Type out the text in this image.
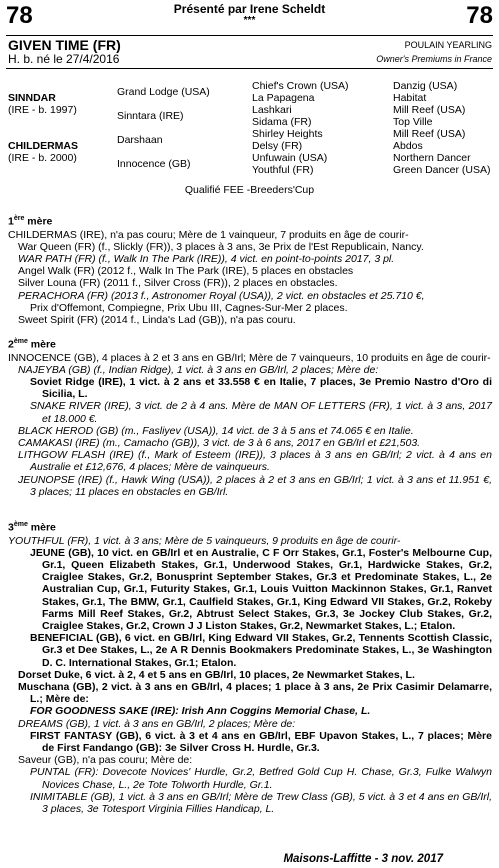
78	Présenté par Irene Scheldt
***	78
GIVEN TIME (FR)
H. b. né le 27/4/2016
POULAIN YEARLING
Owner's Premiums in France
SINNDAR
(IRE - b. 1997)
CHILDERMAS
(IRE - b. 2000)
Grand Lodge (USA)
Sinntara (IRE)
Darshaan
Innocence (GB)
Chief's Crown (USA)
La Papagena
Lashkari
Sidama (FR)
Shirley Heights
Delsy (FR)
Unfuwain (USA)
Youthful (FR)
Danzig (USA)
Habitat
Mill Reef (USA)
Top Ville
Mill Reef (USA)
Abdos
Northern Dancer
Green Dancer (USA)
Qualifié FEE -Breeders'Cup
1ère mère

CHILDERMAS (IRE), n'a pas couru; Mère de 1 vainqueur, 7 produits en âge de courir-

War Queen (FR) (f., Slickly (FR)), 3 places à 3 ans, 3e Prix de l'Est Republicain, Nancy.

WAR PATH (FR) (f., Walk In The Park (IRE)), 4 vict. en point-to-points 2017, 3 pl.

Angel Walk (FR) (2012 f., Walk In The Park (IRE), 5 places en obstacles

Silver Louna (FR) (2011 f., Silver Cross (FR)), 2 places en obstacles.

PERACHORA (FR) (2013 f., Astronomer Royal (USA)), 2 vict. en obstacles et 25.710 €,

Prix d'Offemont, Compiegne, Prix Ubu III, Cagnes-Sur-Mer 2 places.

Sweet Spirit (FR) (2014 f., Linda's Lad (GB)), n'a pas couru.

2ème mère

INNOCENCE (GB), 4 places à 2 et 3 ans en GB/Irl; Mère de 7 vainqueurs, 10 produits en âge de courir-

NAJEYBA (GB) (f., Indian Ridge), 1 vict. à 3 ans en GB/Irl, 2 places; Mère de:

Soviet Ridge (IRE), 1 vict. à 2 ans et 33.558 € en Italie, 7 places, 3e Premio Nastro d'Oro di Sicilia, L.

SNAKE RIVER (IRE), 3 vict. de 2 à 4 ans. Mère de MAN OF LETTERS (FR), 1 vict. à 3 ans, 2017 et 18.000 €.

BLACK HEROD (GB) (m., Fasliyev (USA)), 14 vict. de 3 à 5 ans et 74.065 € en Italie.

CAMAKASI (IRE) (m., Camacho (GB)), 3 vict. de 3 à 6 ans, 2017 en GB/Irl et £21,503.

LITHGOW FLASH (IRE) (f., Mark of Esteem (IRE)), 3 places à 3 ans en GB/Irl; 2 vict. à 4 ans en Australie et £12,676, 4 places; Mère de vainqueurs.

JEUNOPSE (IRE) (f., Hawk Wing (USA)), 2 places à 2 et 3 ans en GB/Irl; 1 vict. à 3 ans et 11.951 €, 3 places; 11 places en obstacles en GB/Irl.

3ème mère

YOUTHFUL (FR), 1 vict. à 3 ans; Mère de 5 vainqueurs, 9 produits en âge de courir-

JEUNE (GB), 10 vict. en GB/Irl et en Australie, C F Orr Stakes, Gr.1, Foster's Melbourne Cup, Gr.1, Queen Elizabeth Stakes, Gr.1, Underwood Stakes, Gr.1, Hardwicke Stakes, Gr.2, Craiglee Stakes, Gr.2, Bonusprint September Stakes, Gr.3 et Predominate Stakes, L., 2e Australian Cup, Gr.1, Futurity Stakes, Gr.1, Louis Vuitton Mackinnon Stakes, Gr.1, Ranvet Stakes, Gr.1, The BMW, Gr.1, Caulfield Stakes, Gr.1, King Edward VII Stakes, Gr.2, Rokeby Farms Mill Reef Stakes, Gr.2, Abtrust Select Stakes, Gr.3, 3e Jockey Club Stakes, Gr.2, Craiglee Stakes, Gr.2, Crown J J Liston Stakes, Gr.2, Newmarket Stakes, L.; Etalon.

BENEFICIAL (GB), 6 vict. en GB/Irl, King Edward VII Stakes, Gr.2, Tennents Scottish Classic, Gr.3 et Dee Stakes, L., 2e A R Dennis Bookmakers Predominate Stakes, L., 3e Washington D. C. International Stakes, Gr.1; Etalon.

Dorset Duke, 6 vict. à 2, 4 et 5 ans en GB/Irl, 10 places, 2e Newmarket Stakes, L.

Muschana (GB), 2 vict. à 3 ans en GB/Irl, 4 places; 1 place à 3 ans, 2e Prix Casimir Delamarre, L.; Mère de:

FOR GOODNESS SAKE (IRE): Irish Ann Coggins Memorial Chase, L.

DREAMS (GB), 1 vict. à 3 ans en GB/Irl, 2 places; Mère de:

FIRST FANTASY (GB), 6 vict. à 3 et 4 ans en GB/Irl, EBF Upavon Stakes, L., 7 places; Mère de First Fandango (GB): 3e Silver Cross H. Hurdle, Gr.3.

Saveur (GB), n'a pas couru; Mère de:

PUNTAL (FR): Dovecote Novices' Hurdle, Gr.2, Betfred Gold Cup H. Chase, Gr.3, Fulke Walwyn Novices Chase, L., 2e Tote Tolworth Hurdle, Gr.1.

INIMITABLE (GB), 1 vict. à 3 ans en GB/Irl; Mère de Trew Class (GB), 5 vict. à 3 et 4 ans en GB/Irl, 3 places, 3e Totesport Virginia Fillies Handicap, L.

Maisons-Laffitte - 3 nov. 2017
